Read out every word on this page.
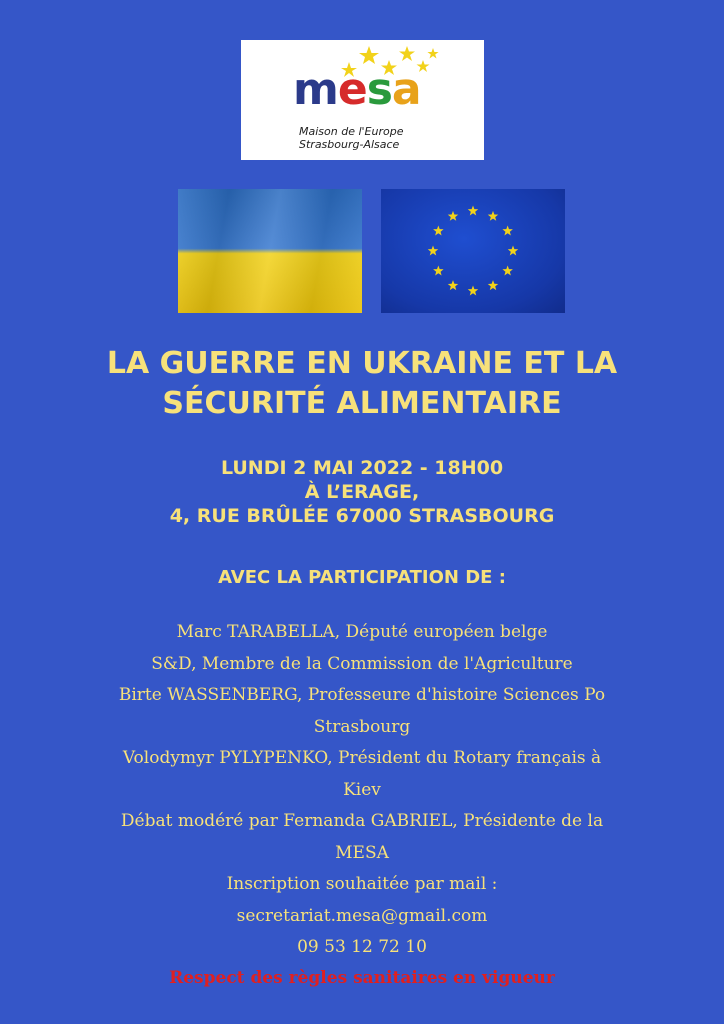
mesa
Maison de l'Europe
Strasbourg-Alsace
LA GUERRE EN UKRAINE ET LA
SÉCURITÉ ALIMENTAIRE

LUNDI 2 MAI 2022 - 18H00

À L’ERAGE,

4, RUE BRÛLÉE 67000 STRASBOURG

AVEC LA PARTICIPATION DE :

Marc TARABELLA, Député européen belge

S&D, Membre de la Commission de l'Agriculture

Birte WASSENBERG, Professeure d'histoire Sciences Po

Strasbourg

Volodymyr PYLYPENKO, Président du Rotary français à

Kiev

Débat modéré par Fernanda GABRIEL, Présidente de la

MESA

Inscription souhaitée par mail :

secretariat.mesa@gmail.com

09 53 12 72 10

Respect des règles sanitaires en vigueur
